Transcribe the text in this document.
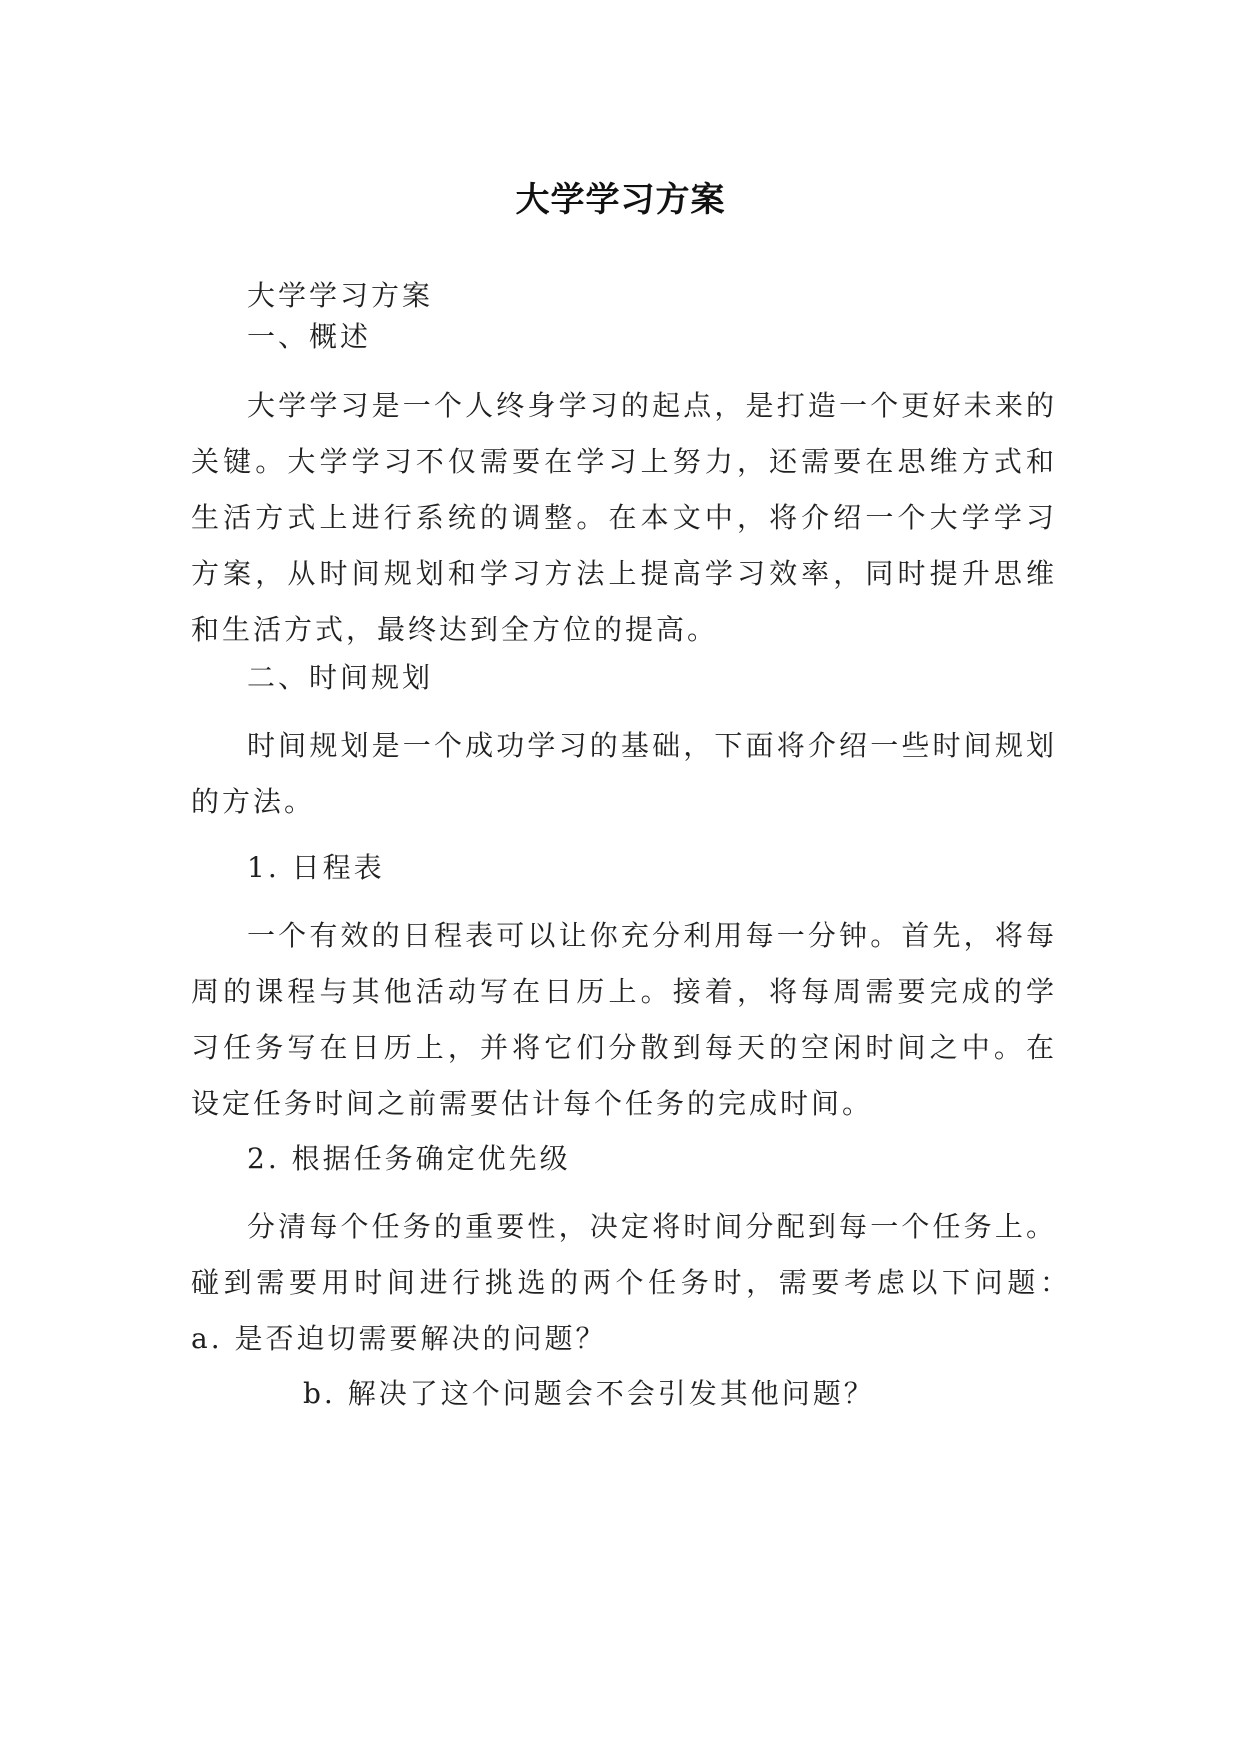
大学学习方案

大学学习方案

一、概述

大学学习是一个人终身学习的起点，是打造一个更好未来的关键。大学学习不仅需要在学习上努力，还需要在思维方式和生活方式上进行系统的调整。在本文中，将介绍一个大学学习方案，从时间规划和学习方法上提高学习效率，同时提升思维和生活方式，最终达到全方位的提高。

二、时间规划

时间规划是一个成功学习的基础，下面将介绍一些时间规划的方法。

1. 日程表

一个有效的日程表可以让你充分利用每一分钟。首先，将每周的课程与其他活动写在日历上。接着，将每周需要完成的学习任务写在日历上，并将它们分散到每天的空闲时间之中。在设定任务时间之前需要估计每个任务的完成时间。

2. 根据任务确定优先级

分清每个任务的重要性，决定将时间分配到每一个任务上。碰到需要用时间进行挑选的两个任务时，需要考虑以下问题：　a. 是否迫切需要解决的问题？

b. 解决了这个问题会不会引发其他问题？
